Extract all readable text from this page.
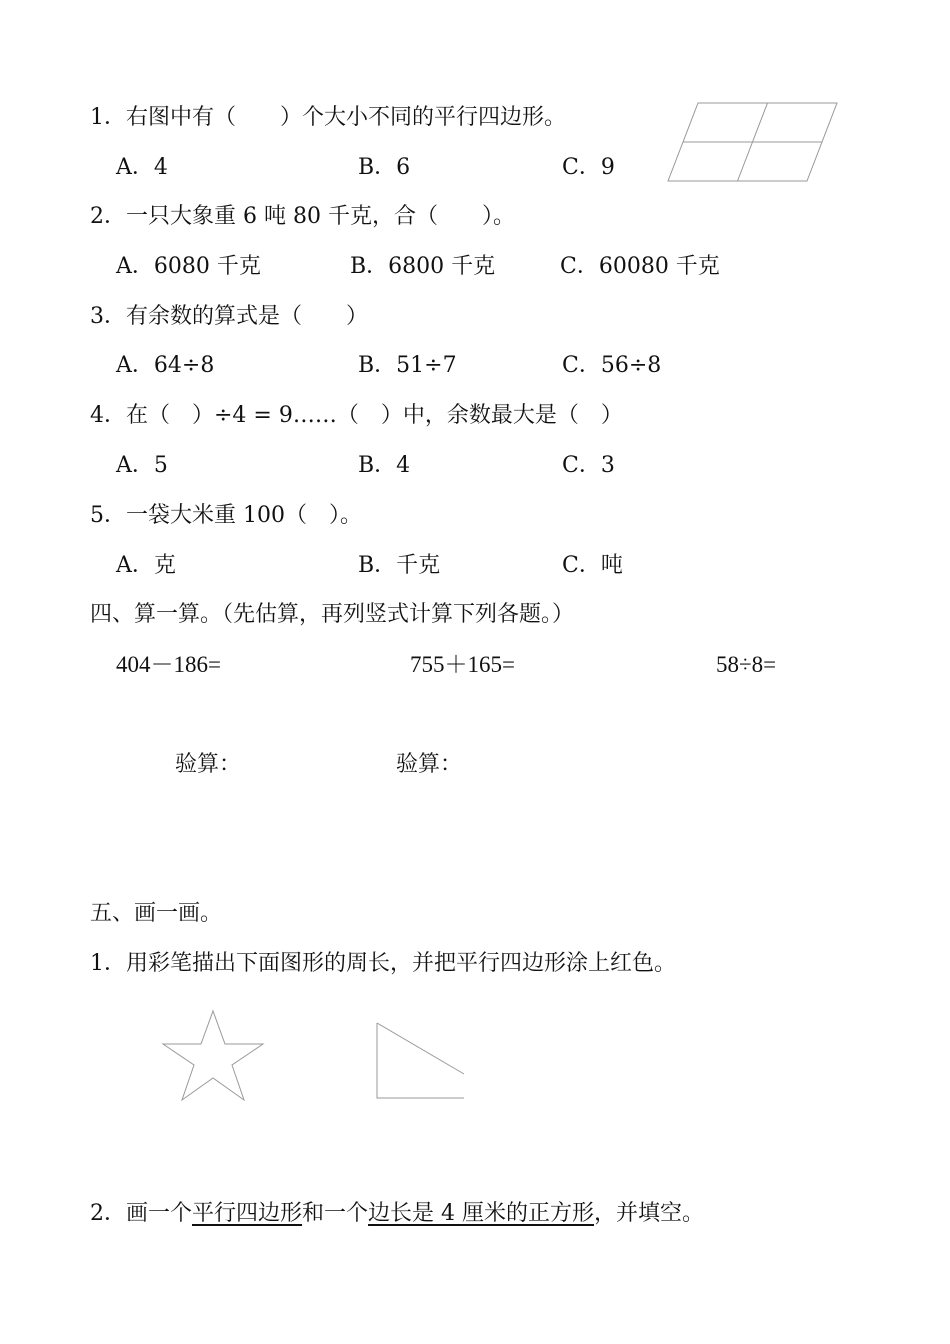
1．右图中有（　　）个大小不同的平行四边形。
A．4	B．6	C．9
2．一只大象重 6 吨 80 千克，合（　　）。
A．6080 千克	B．6800 千克	C．60080 千克
3．有余数的算式是（　　）
A．64÷8	B．51÷7	C．56÷8
4．在（　）÷4 = 9……（　）中，余数最大是（　）
A．5	B．4	C．3
5．一袋大米重 100（　）。
A．克	B．千克	C．吨
四、算一算。（先估算，再列竖式计算下列各题。）
404－186=	755＋165=	58÷8=
验算：	验算：
五、画一画。
1．用彩笔描出下面图形的周长，并把平行四边形涂上红色。
2．画一个平行四边形和一个边长是 4 厘米的正方形，并填空。
